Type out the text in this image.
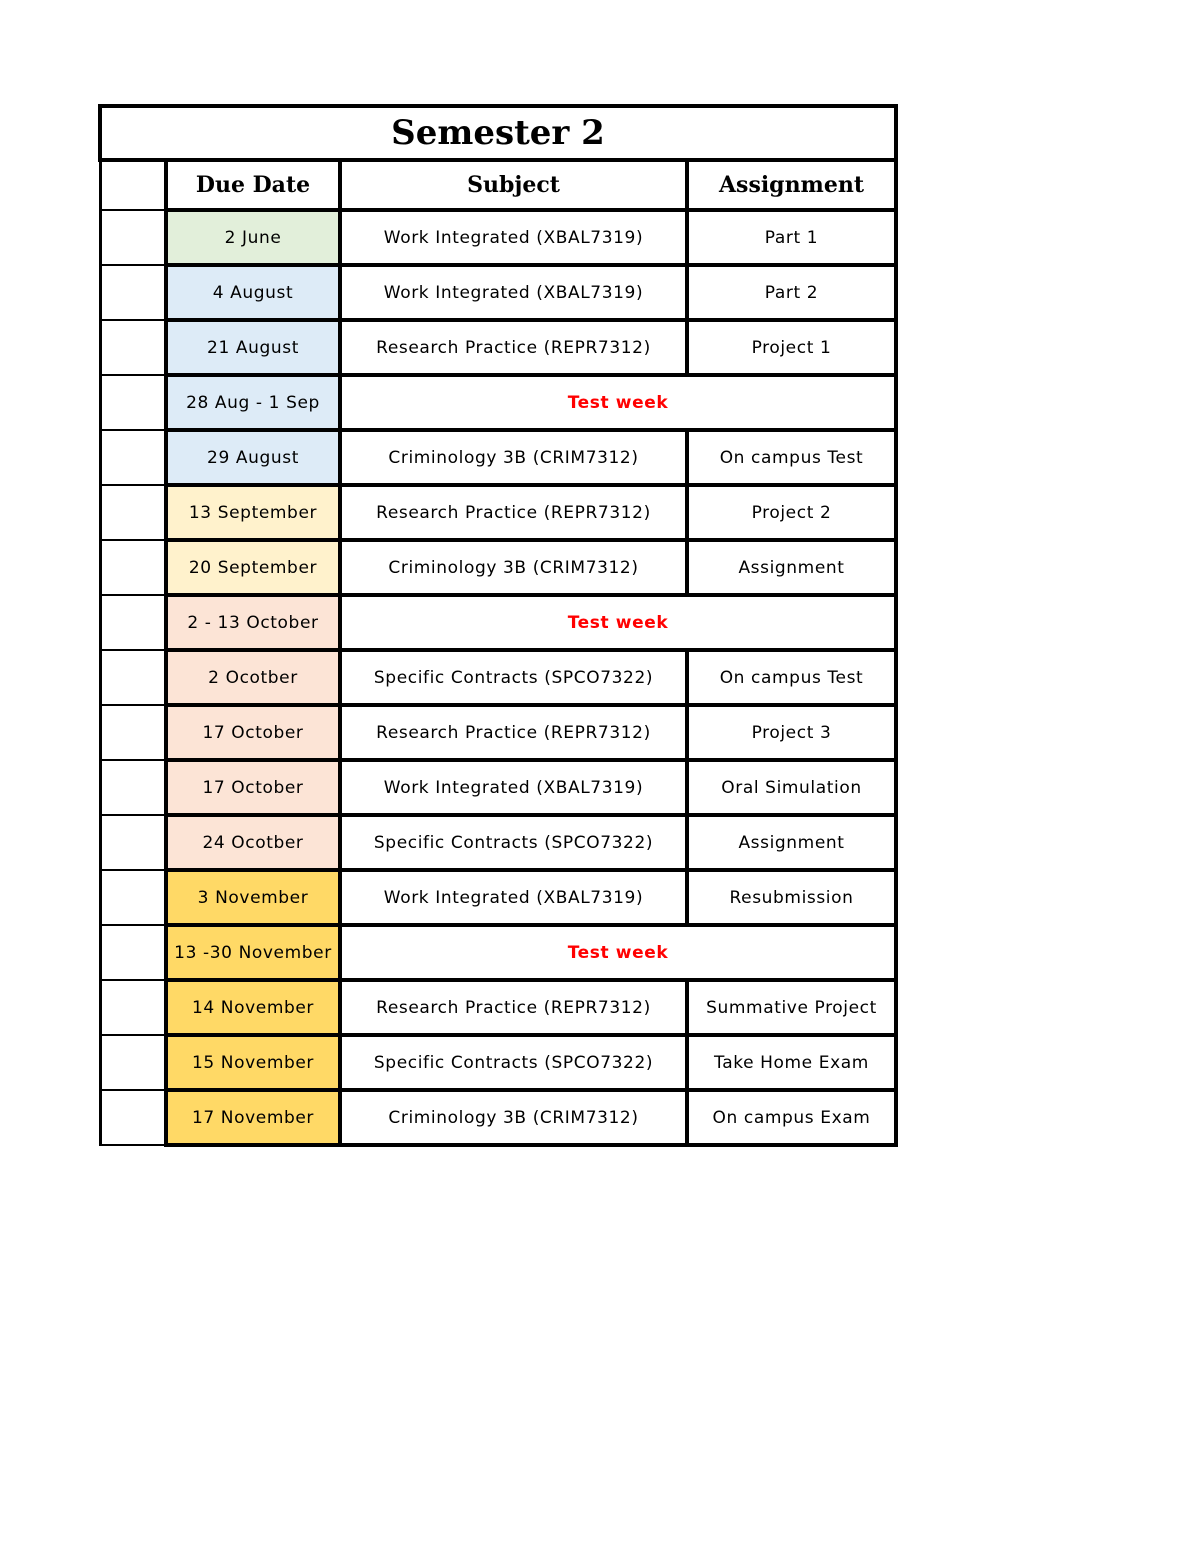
Semester 2			
	Due Date	Subject	Assignment
	2 June	Work Integrated (XBAL7319)	Part 1
	4 August	Work Integrated (XBAL7319)	Part 2
	21 August	Research Practice (REPR7312)	Project 1
	28 Aug - 1 Sep	Test week	
	29 August	Criminology 3B (CRIM7312)	On campus Test
	13 September	Research Practice (REPR7312)	Project 2
	20 September	Criminology 3B (CRIM7312)	Assignment
	2 - 13 October	Test week	
	2 Ocotber	Specific Contracts (SPCO7322)	On campus Test
	17 October	Research Practice (REPR7312)	Project 3
	17 October	Work Integrated (XBAL7319)	Oral Simulation
	24 Ocotber	Specific Contracts (SPCO7322)	Assignment
	3 November	Work Integrated (XBAL7319)	Resubmission
	13 -30 November	Test week	
	14 November	Research Practice (REPR7312)	Summative Project
	15 November	Specific Contracts (SPCO7322)	Take Home Exam
	17 November	Criminology 3B (CRIM7312)	On campus Exam
